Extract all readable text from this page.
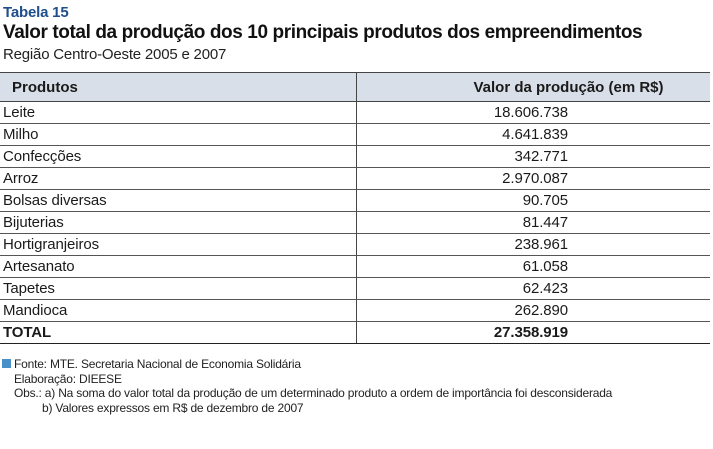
Tabela 15
Valor total da produção dos 10 principais produtos dos empreendimentos
Região Centro-Oeste 2005 e 2007
Produtos	Valor da produção (em R$)
Leite	18.606.738
Milho	4.641.839
Confecções	342.771
Arroz	2.970.087
Bolsas diversas	90.705
Bijuterias	81.447
Hortigranjeiros	238.961
Artesanato	61.058
Tapetes	62.423
Mandioca	262.890
TOTAL	27.358.919
Fonte: MTE. Secretaria Nacional de Economia Solidária
Elaboração: DIEESE
Obs.: a) Na soma do valor total da produção de um determinado produto a ordem de importância foi desconsiderada
b) Valores expressos em R$ de dezembro de 2007
